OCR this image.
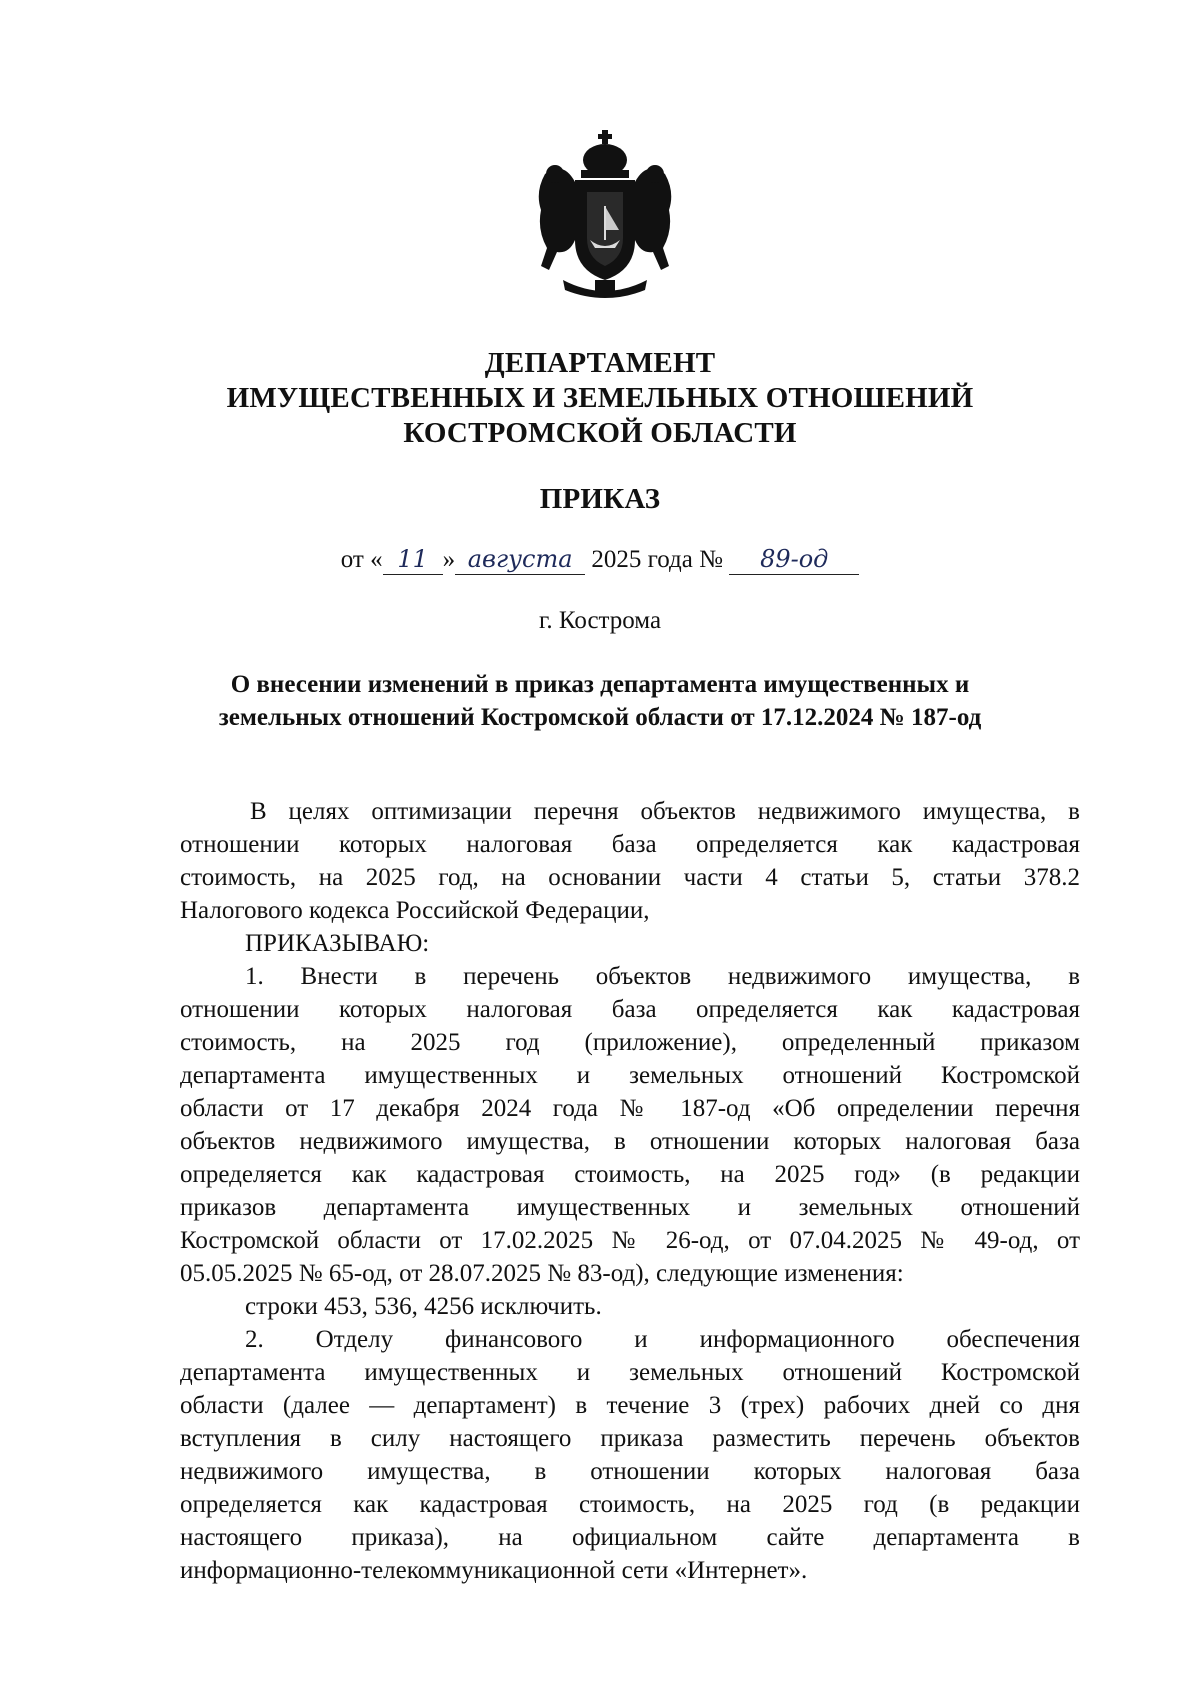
ДЕПАРТАМЕНТ
ИМУЩЕСТВЕННЫХ И ЗЕМЕЛЬНЫХ ОТНОШЕНИЙ
КОСТРОМСКОЙ ОБЛАСТИ
ПРИКАЗ
от « 11 » августа 2025 года № 89-од
г. Кострома
О внесении изменений в приказ департамента имущественных и
земельных отношений Костромской области от 17.12.2024 № 187-од
В целях оптимизации перечня объектов недвижимого имущества, в
отношении которых налоговая база определяется как кадастровая
стоимость, на 2025 год, на основании части 4 статьи 5, статьи 378.2
Налогового кодекса Российской Федерации,
ПРИКАЗЫВАЮ:
1. Внести в перечень объектов недвижимого имущества, в
отношении которых налоговая база определяется как кадастровая
стоимость, на 2025 год (приложение), определенный приказом
департамента имущественных и земельных отношений Костромской
области от 17 декабря 2024 года № 187-од «Об определении перечня
объектов недвижимого имущества, в отношении которых налоговая база
определяется как кадастровая стоимость, на 2025 год» (в редакции
приказов департамента имущественных и земельных отношений
Костромской области от 17.02.2025 № 26-од, от 07.04.2025 № 49-од, от
05.05.2025 № 65-од, от 28.07.2025 № 83-од), следующие изменения:
строки 453, 536, 4256 исключить.
2. Отделу финансового и информационного обеспечения
департамента имущественных и земельных отношений Костромской
области (далее — департамент) в течение 3 (трех) рабочих дней со дня
вступления в силу настоящего приказа разместить перечень объектов
недвижимого имущества, в отношении которых налоговая база
определяется как кадастровая стоимость, на 2025 год (в редакции
настоящего приказа), на официальном сайте департамента в
информационно-телекоммуникационной сети «Интернет».
